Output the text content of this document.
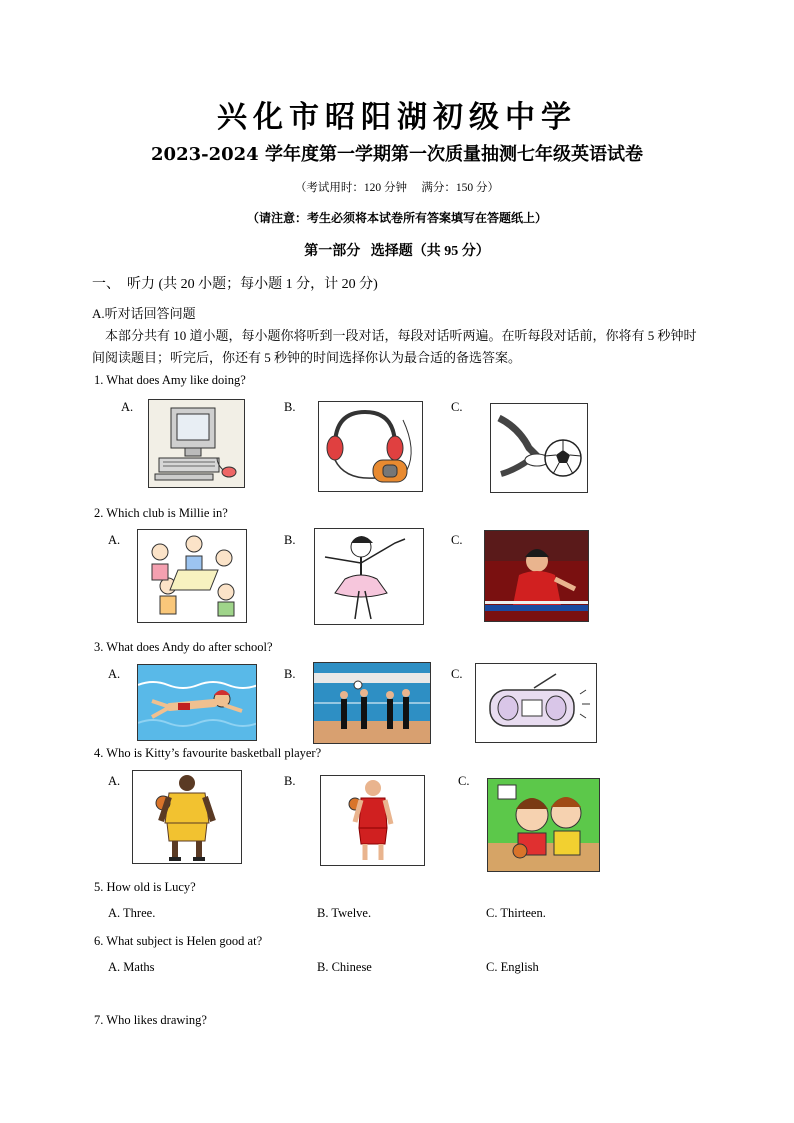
兴化市昭阳湖初级中学
2023-2024 学年度第一学期第一次质量抽测七年级英语试卷
（考试用时：120 分钟     满分：150 分）
（请注意：考生必须将本试卷所有答案填写在答题纸上）
第一部分   选择题（共 95 分）
一、  听力 (共 20 小题；每小题 1 分，计 20 分)
A.听对话回答问题
本部分共有 10 道小题，每小题你将听到一段对话，每段对话听两遍。在听每段对话前，你将有 5 秒钟时间阅读题目；听完后，你还有 5 秒钟的时间选择你认为最合适的备选答案。
1. What does Amy like doing?
A.	B.	C.
2. Which club is Millie in?
A.	B.	C.
3. What does Andy do after school?
A.	B.	C.
4. Who is Kitty’s favourite basketball player?
A.	B.	C.
5. How old is Lucy?
A. Three.	B. Twelve.	C. Thirteen.
6. What subject is Helen good at?
A. Maths	B. Chinese	C. English
7. Who likes drawing?
